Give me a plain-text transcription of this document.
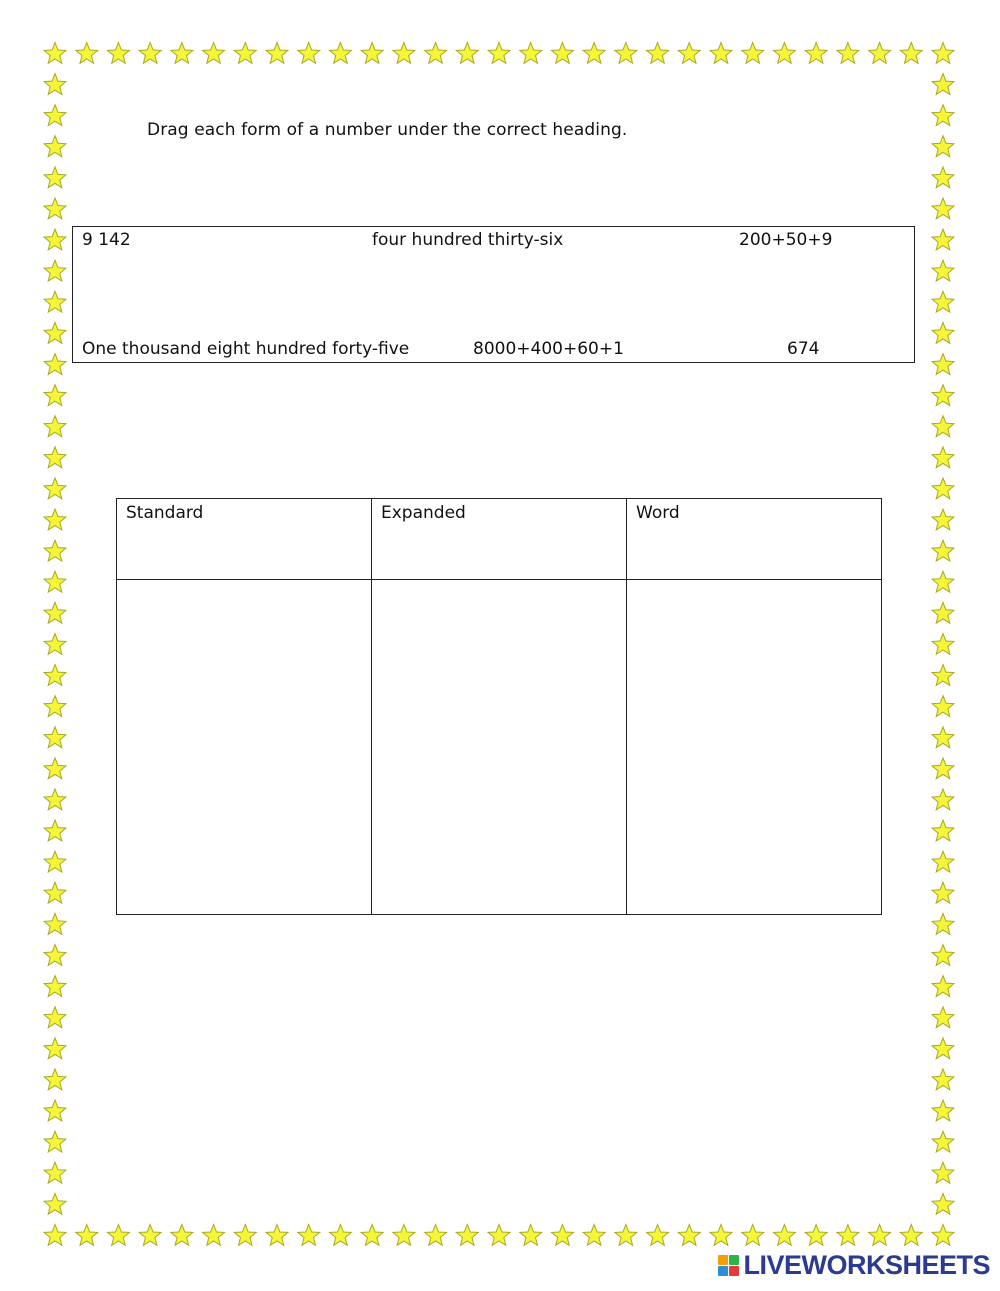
Drag each form of a number under the correct heading.
9 142	four hundred thirty-six	200+50+9
One thousand eight hundred forty-five	8000+400+60+1	674
Standard	Expanded	Word

LIVEWORKSHEETS
